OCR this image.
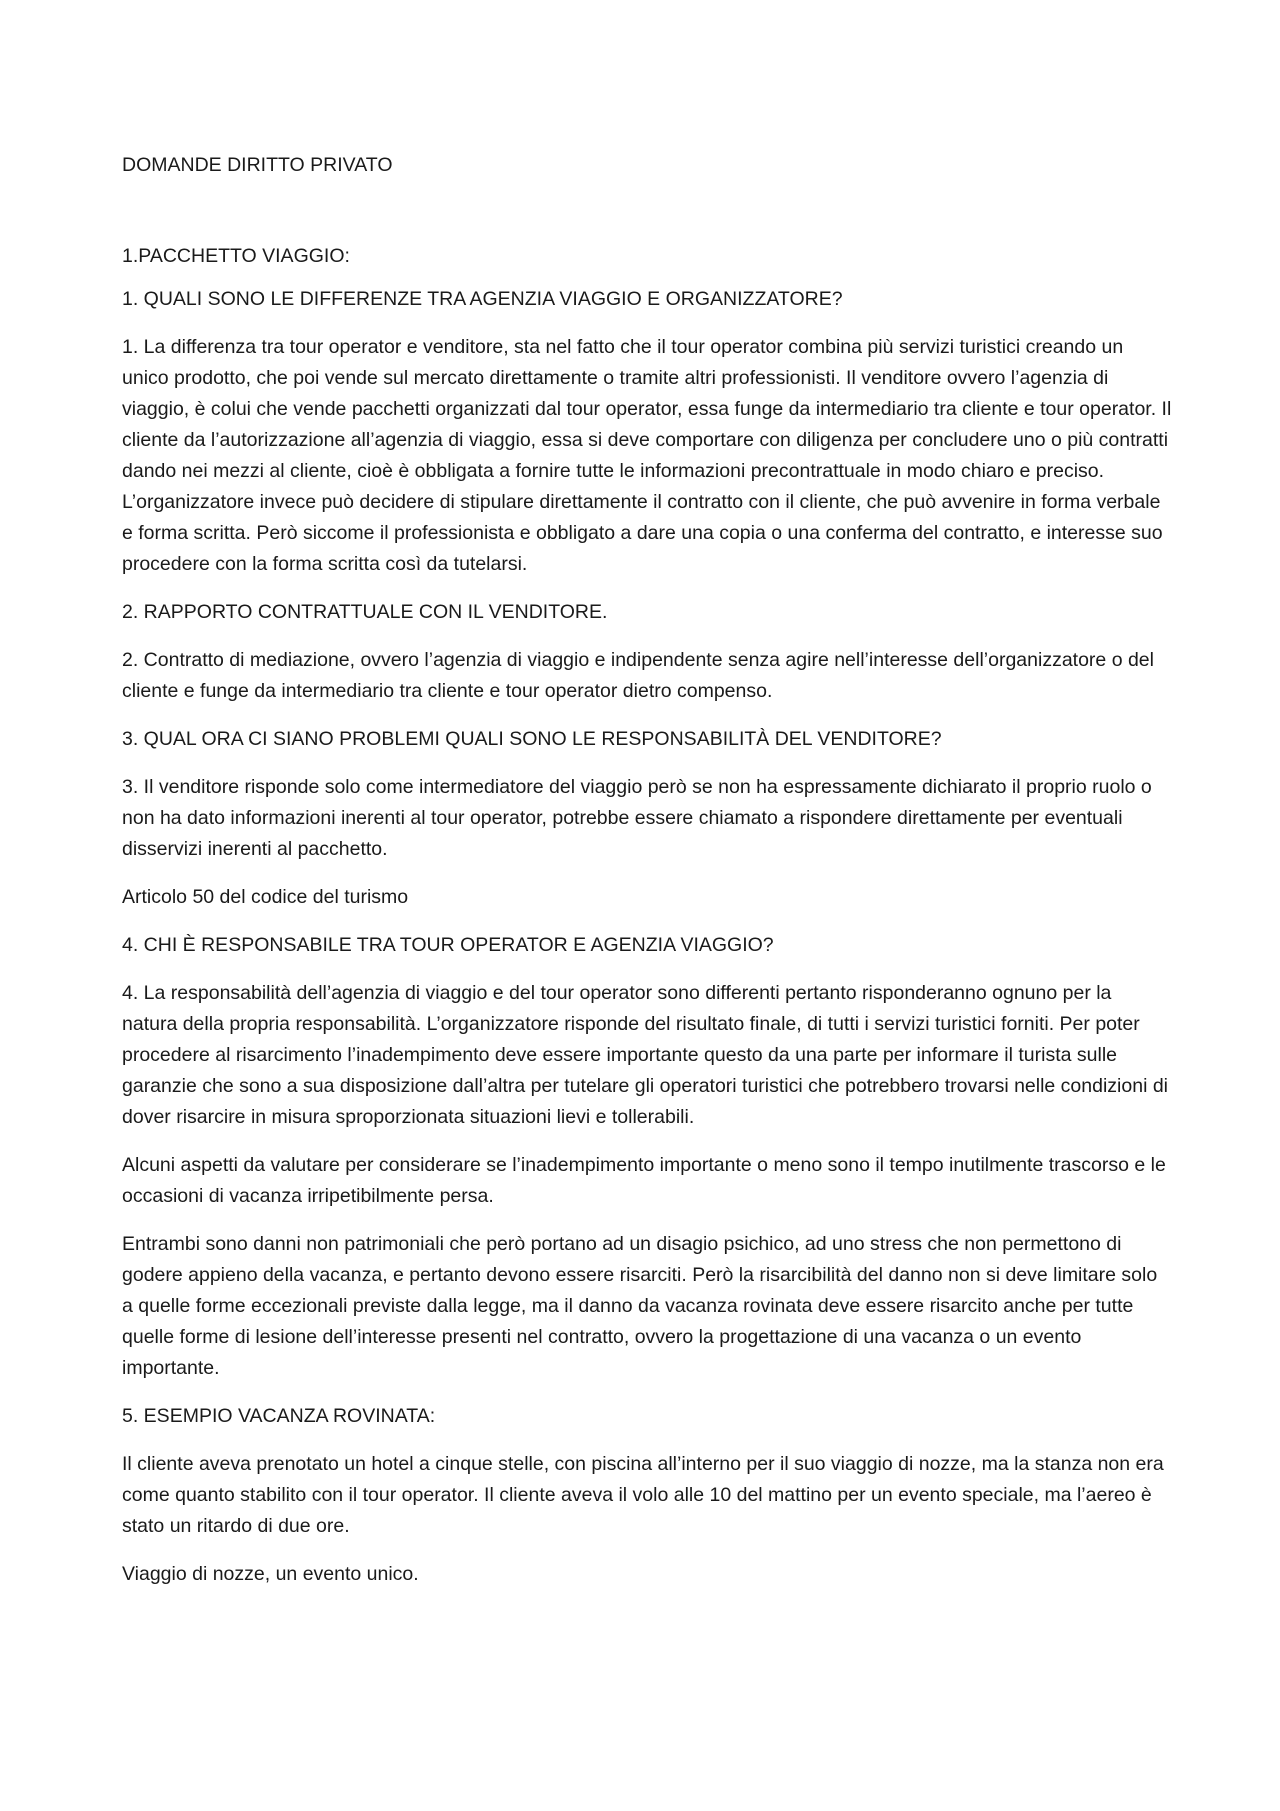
DOMANDE DIRITTO PRIVATO
1.PACCHETTO VIAGGIO:

1. QUALI SONO LE DIFFERENZE TRA AGENZIA VIAGGIO E ORGANIZZATORE?

1. La differenza tra tour operator e venditore, sta nel fatto che il tour operator combina più servizi turistici creando un unico prodotto, che poi vende sul mercato direttamente o tramite altri professionisti. Il venditore ovvero l’agenzia di viaggio, è colui che vende pacchetti organizzati dal tour operator, essa funge da intermediario tra cliente e tour operator. Il cliente da l’autorizzazione all’agenzia di viaggio, essa si deve comportare con diligenza per concludere uno o più contratti dando nei mezzi al cliente, cioè è obbligata a fornire tutte le informazioni precontrattuale in modo chiaro e preciso. L’organizzatore invece può decidere di stipulare direttamente il contratto con il cliente, che può avvenire in forma verbale e forma scritta. Però siccome il professionista e obbligato a dare una copia o una conferma del contratto, e interesse suo procedere con la forma scritta così da tutelarsi.

2. RAPPORTO CONTRATTUALE CON IL VENDITORE.

2. Contratto di mediazione, ovvero l’agenzia di viaggio e indipendente senza agire nell’interesse dell’organizzatore o del cliente e funge da intermediario tra cliente e tour operator dietro compenso.

3. QUAL ORA CI SIANO PROBLEMI QUALI SONO LE RESPONSABILITÀ DEL VENDITORE?

3. Il venditore risponde solo come intermediatore del viaggio però se non ha espressamente dichiarato il proprio ruolo o non ha dato informazioni inerenti al tour operator, potrebbe essere chiamato a rispondere direttamente per eventuali disservizi inerenti al pacchetto.

Articolo 50 del codice del turismo

4. CHI È RESPONSABILE TRA TOUR OPERATOR E AGENZIA VIAGGIO?

4. La responsabilità dell’agenzia di viaggio e del tour operator sono differenti pertanto risponderanno ognuno per la natura della propria responsabilità. L’organizzatore risponde del risultato finale, di tutti i servizi turistici forniti. Per poter procedere al risarcimento l’inadempimento deve essere importante questo da una parte per informare il turista sulle garanzie che sono a sua disposizione dall’altra per tutelare gli operatori turistici che potrebbero trovarsi nelle condizioni di dover risarcire in misura sproporzionata situazioni lievi e tollerabili.

Alcuni aspetti da valutare per considerare se l’inadempimento importante o meno sono il tempo inutilmente trascorso e le occasioni di vacanza irripetibilmente persa.

Entrambi sono danni non patrimoniali che però portano ad un disagio psichico, ad uno stress che non permettono di godere appieno della vacanza, e pertanto devono essere risarciti. Però la risarcibilità del danno non si deve limitare solo a quelle forme eccezionali previste dalla legge, ma il danno da vacanza rovinata deve essere risarcito anche per tutte quelle forme di lesione dell’interesse presenti nel contratto, ovvero la progettazione di una vacanza o un evento importante.

5. ESEMPIO VACANZA ROVINATA:

Il cliente aveva prenotato un hotel a cinque stelle, con piscina all’interno per il suo viaggio di nozze, ma la stanza non era come quanto stabilito con il tour operator. Il cliente aveva il volo alle 10 del mattino per un evento speciale, ma l’aereo è stato un ritardo di due ore.

Viaggio di nozze, un evento unico.
